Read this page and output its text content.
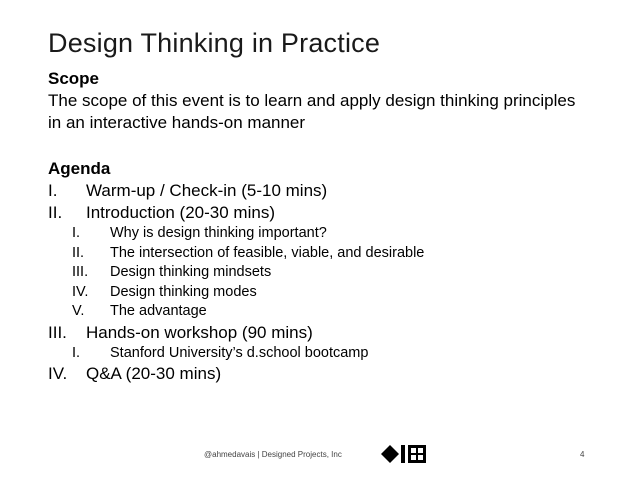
Design Thinking in Practice
Scope
The scope of this event is to learn and apply design thinking principles
in an interactive hands-on manner
Agenda
I. Warm-up / Check-in (5-10 mins)
II. Introduction (20-30 mins)
I. Why is design thinking important?
II. The intersection of feasible, viable, and desirable
III. Design thinking mindsets
IV. Design thinking modes
V. The advantage
III. Hands-on workshop (90 mins)
I. Stanford University’s d.school bootcamp
IV. Q&A (20-30 mins)
@ahmedavais | Designed Projects, Inc	4
